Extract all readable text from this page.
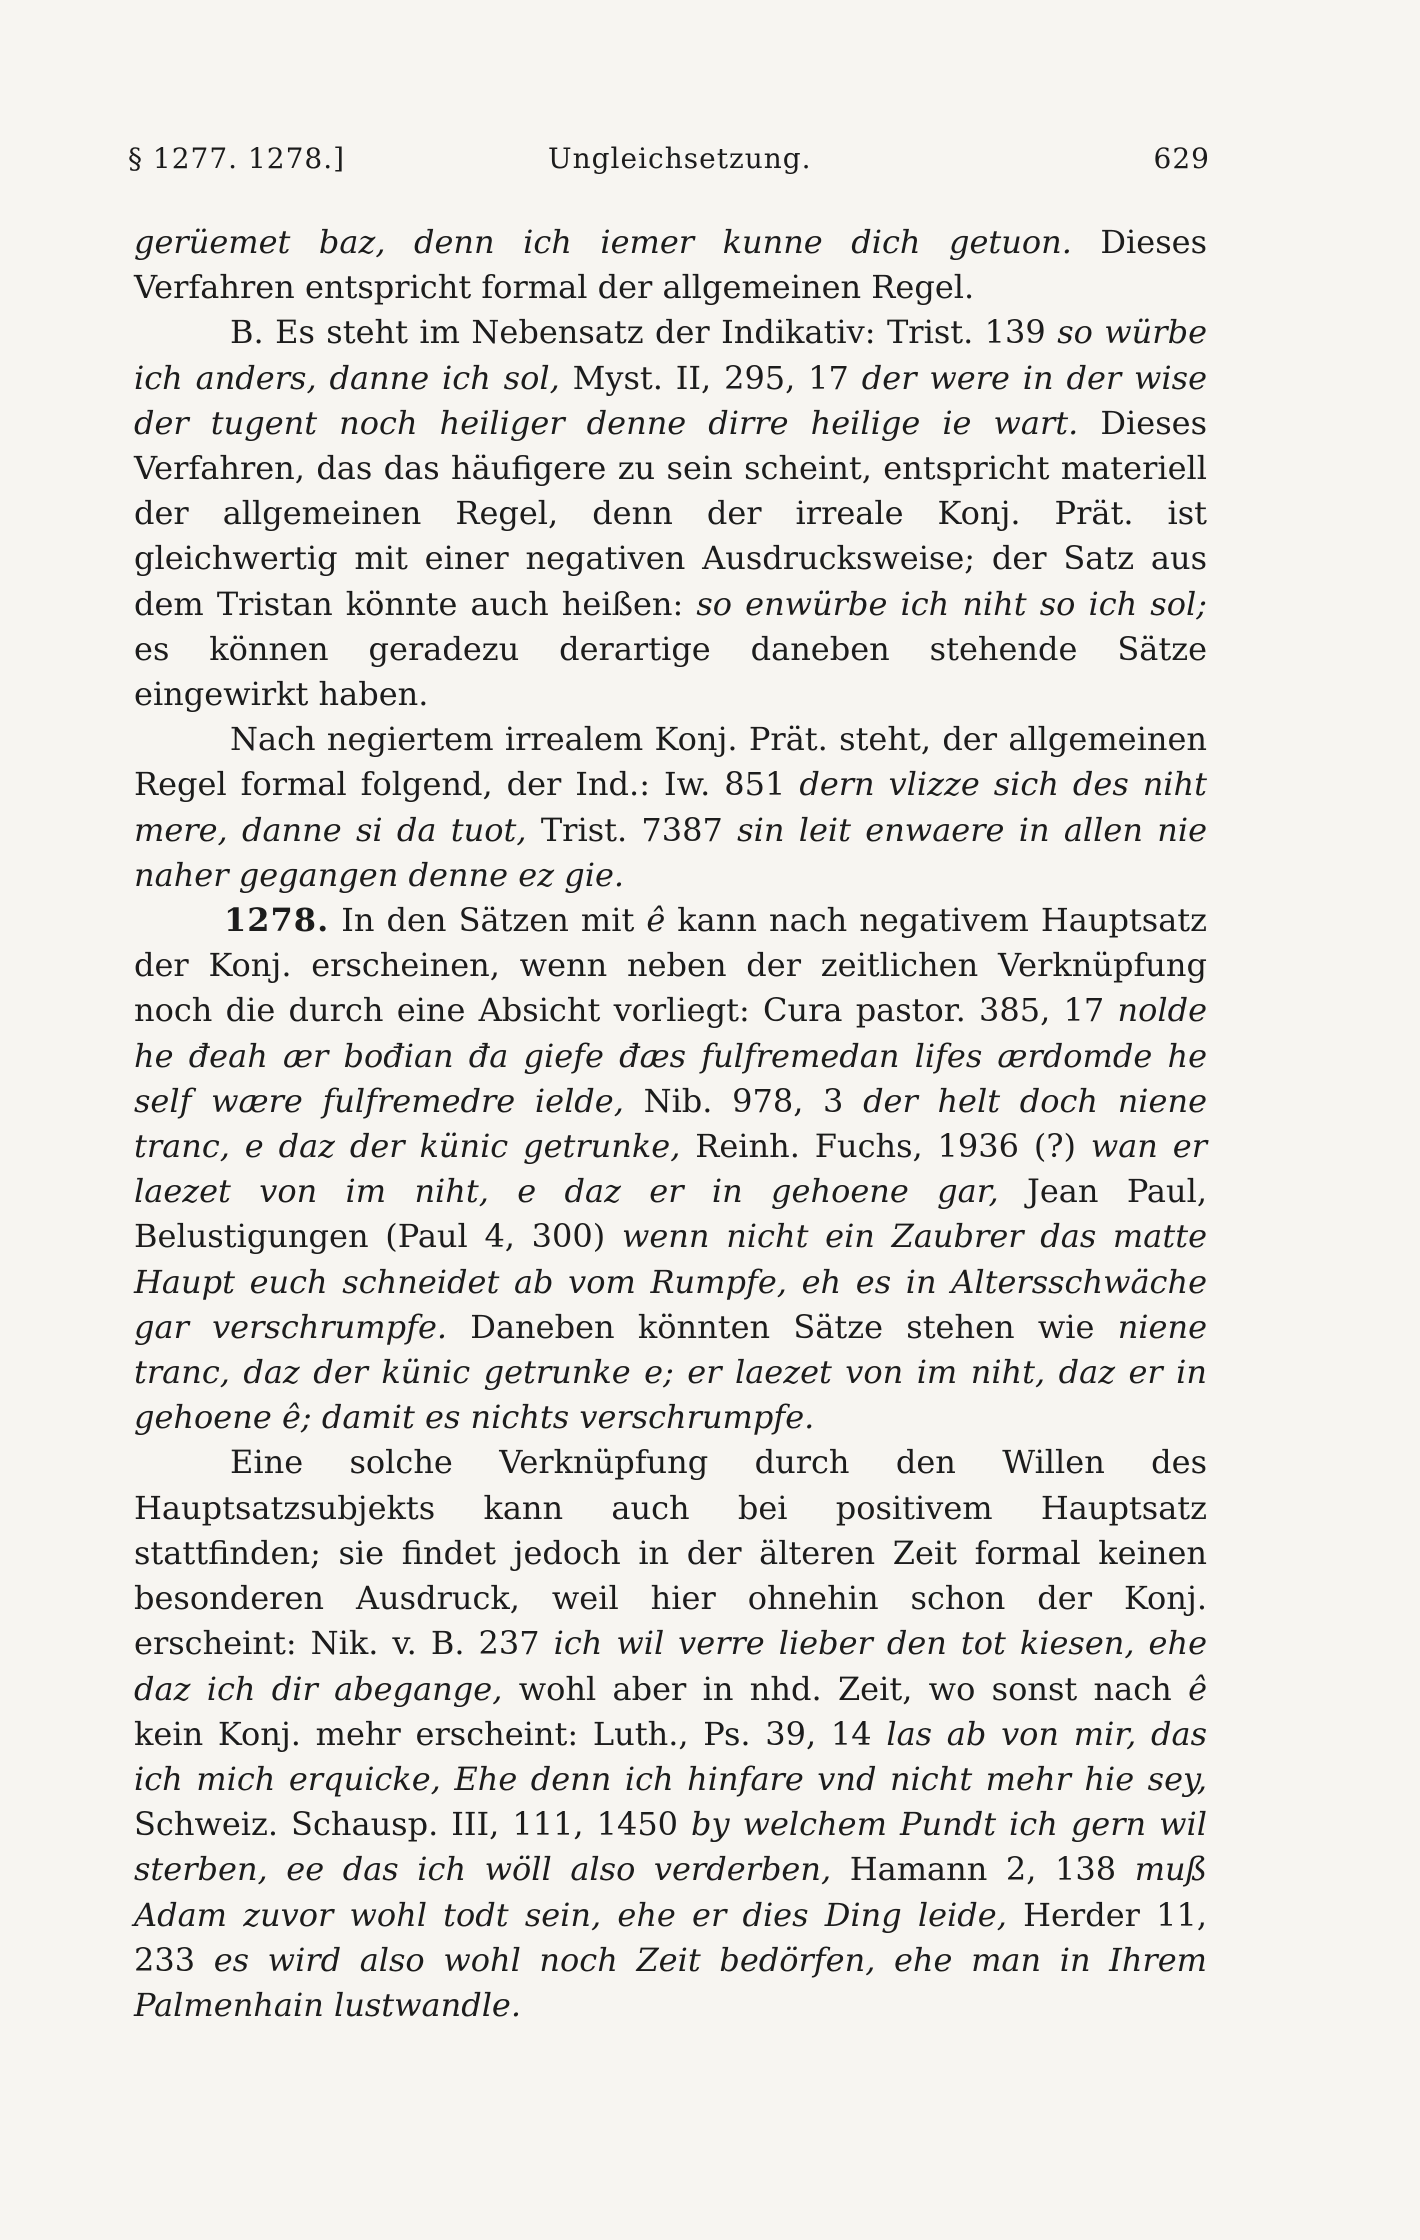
§ 1277. 1278.]	Ungleichsetzung.	629

gerüemet baz, denn ich iemer kunne dich getuon. Dieses Verfahren entspricht formal der allgemeinen Regel.

B. Es steht im Nebensatz der Indikativ: Trist. 139 so würbe ich anders, danne ich sol, Myst. II, 295, 17 der were in der wise der tugent noch heiliger denne dirre heilige ie wart. Dieses Verfahren, das das häufigere zu sein scheint, entspricht materiell der allgemeinen Regel, denn der irreale Konj. Prät. ist gleichwertig mit einer negativen Ausdrucksweise; der Satz aus dem Tristan könnte auch heißen: so enwürbe ich niht so ich sol; es können geradezu derartige daneben stehende Sätze eingewirkt haben.

Nach negiertem irrealem Konj. Prät. steht, der allgemeinen Regel formal folgend, der Ind.: Iw. 851 dern vlizze sich des niht mere, danne si da tuot, Trist. 7387 sin leit enwaere in allen nie naher gegangen denne ez gie.

1278. In den Sätzen mit ê kann nach negativem Hauptsatz der Konj. erscheinen, wenn neben der zeitlichen Verknüpfung noch die durch eine Absicht vorliegt: Cura pastor. 385, 17 nolde he đeah ær bođian đa giefe đæs fulfremedan lifes ærdomde he self wære fulfremedre ielde, Nib. 978, 3 der helt doch niene tranc, e daz der künic getrunke, Reinh. Fuchs, 1936 (?) wan er laezet von im niht, e daz er in gehoene gar, Jean Paul, Belustigungen (Paul 4, 300) wenn nicht ein Zaubrer das matte Haupt euch schneidet ab vom Rumpfe, eh es in Altersschwäche gar verschrumpfe. Daneben könnten Sätze stehen wie niene tranc, daz der künic getrunke e; er laezet von im niht, daz er in gehoene ê; damit es nichts verschrumpfe.

Eine solche Verknüpfung durch den Willen des Hauptsatzsubjekts kann auch bei positivem Hauptsatz stattfinden; sie findet jedoch in der älteren Zeit formal keinen besonderen Ausdruck, weil hier ohnehin schon der Konj. erscheint: Nik. v. B. 237 ich wil verre lieber den tot kiesen, ehe daz ich dir abegange, wohl aber in nhd. Zeit, wo sonst nach ê kein Konj. mehr erscheint: Luth., Ps. 39, 14 las ab von mir, das ich mich erquicke, Ehe denn ich hinfare vnd nicht mehr hie sey, Schweiz. Schausp. III, 111, 1450 by welchem Pundt ich gern wil sterben, ee das ich wöll also verderben, Hamann 2, 138 muß Adam zuvor wohl todt sein, ehe er dies Ding leide, Herder 11, 233 es wird also wohl noch Zeit bedörfen, ehe man in Ihrem Palmenhain lustwandle.
